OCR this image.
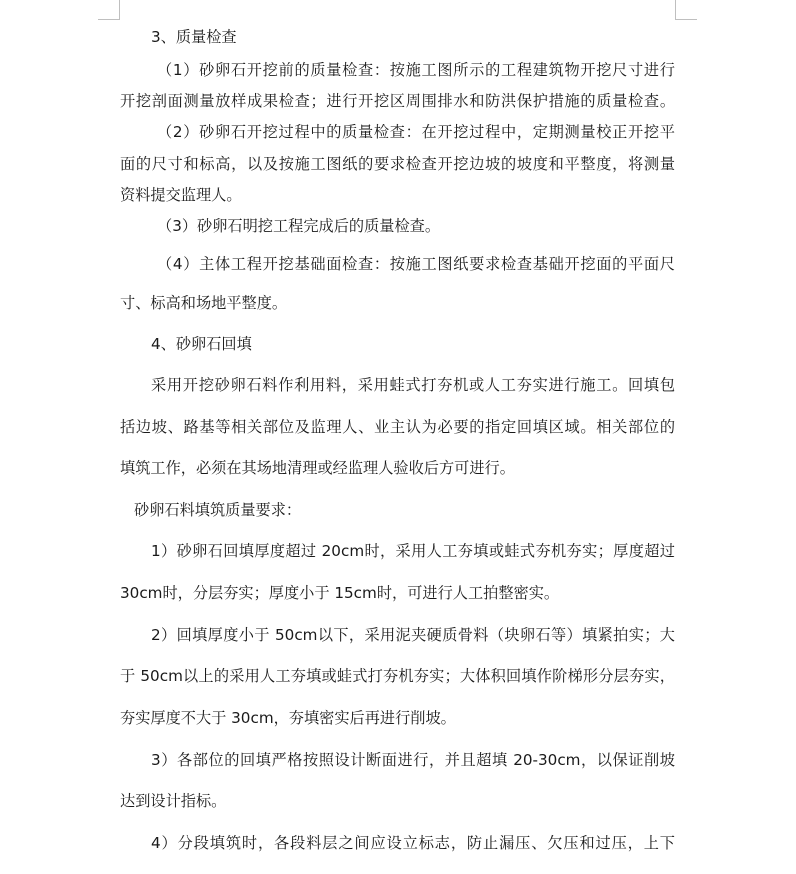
3、质量检查
（1）砂卵石开挖前的质量检查：按施工图所示的工程建筑物开挖尺寸进行
开挖剖面测量放样成果检查；进行开挖区周围排水和防洪保护措施的质量检查。
（2）砂卵石开挖过程中的质量检查：在开挖过程中，定期测量校正开挖平
面的尺寸和标高，以及按施工图纸的要求检查开挖边坡的坡度和平整度，将测量
资料提交监理人。
（3）砂卵石明挖工程完成后的质量检查。
（4）主体工程开挖基础面检查：按施工图纸要求检查基础开挖面的平面尺
寸、标高和场地平整度。
4、砂卵石回填
采用开挖砂卵石料作利用料，采用蛙式打夯机或人工夯实进行施工。回填包
括边坡、路基等相关部位及监理人、业主认为必要的指定回填区域。相关部位的
填筑工作，必须在其场地清理或经监理人验收后方可进行。
砂卵石料填筑质量要求：
1）砂卵石回填厚度超过 20cm时，采用人工夯填或蛙式夯机夯实；厚度超过
30cm时，分层夯实；厚度小于 15cm时，可进行人工拍整密实。
2）回填厚度小于 50cm以下，采用泥夹硬质骨料（块卵石等）填紧拍实；大
于 50cm以上的采用人工夯填或蛙式打夯机夯实；大体积回填作阶梯形分层夯实，
夯实厚度不大于 30cm，夯填密实后再进行削坡。
3）各部位的回填严格按照设计断面进行，并且超填 20-30cm，以保证削坡
达到设计指标。
4）分段填筑时，各段料层之间应设立标志，防止漏压、欠压和过压，上下
